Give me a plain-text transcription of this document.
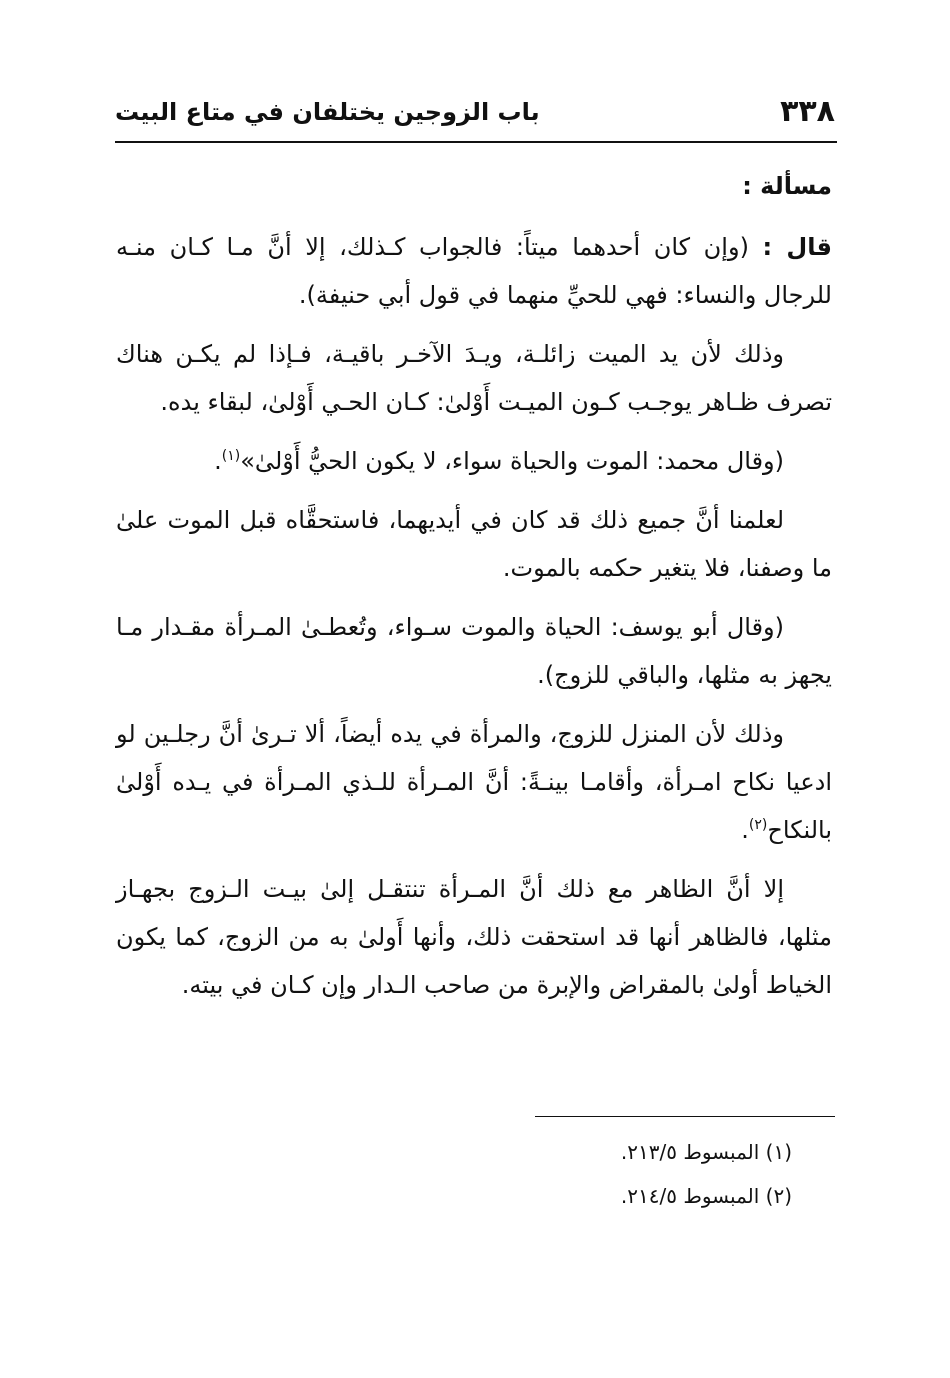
٣٣٨
باب الزوجين يختلفان في متاع البيت

مسألة :

قال : (وإن كان أحدهما ميتاً: فالجواب كـذلك، إلا أنَّ مـا كـان منـه للرجال والنساء: فهي للحيِّ منهما في قول أبي حنيفة).

وذلك لأن يد الميت زائلـة، ويـدَ الآخـر باقيـة، فـإذا لم يكـن هناك تصرف ظـاهر يوجـب كـون الميـت أَوْلىٰ: كـان الحـي أَوْلىٰ، لبقاء يده.

(وقال محمد: الموت والحياة سواء، لا يكون الحيُّ أَوْلىٰ»$^{(١)}$.

لعلمنا أنَّ جميع ذلك قد كان في أيديهما، فاستحقَّاه قبل الموت علىٰ ما وصفنا، فلا يتغير حكمه بالموت.

(وقال أبو يوسف: الحياة والموت سـواء، وتُعطـىٰ المـرأة مقـدار مـا يجهز به مثلها، والباقي للزوج).

وذلك لأن المنزل للزوج، والمرأة في يده أيضاً، ألا تـرىٰ أنَّ رجلـين لو ادعيا نكاح امـرأة، وأقامـا بينـةً: أنَّ المـرأة للـذي المـرأة في يـده أَوْلىٰ بالنكاح$^{(٢)}$.

إلا أنَّ الظاهر مع ذلك أنَّ المـرأة تنتقـل إلىٰ بيـت الـزوج بجهـاز مثلها، فالظاهر أنها قد استحقت ذلك، وأنها أَولىٰ به من الزوج، كما يكون الخياط أولىٰ بالمقراض والإبرة من صاحب الـدار وإن كـان في بيته.

(١) المبسوط ٢١٣/٥.

(٢) المبسوط ٢١٤/٥.
